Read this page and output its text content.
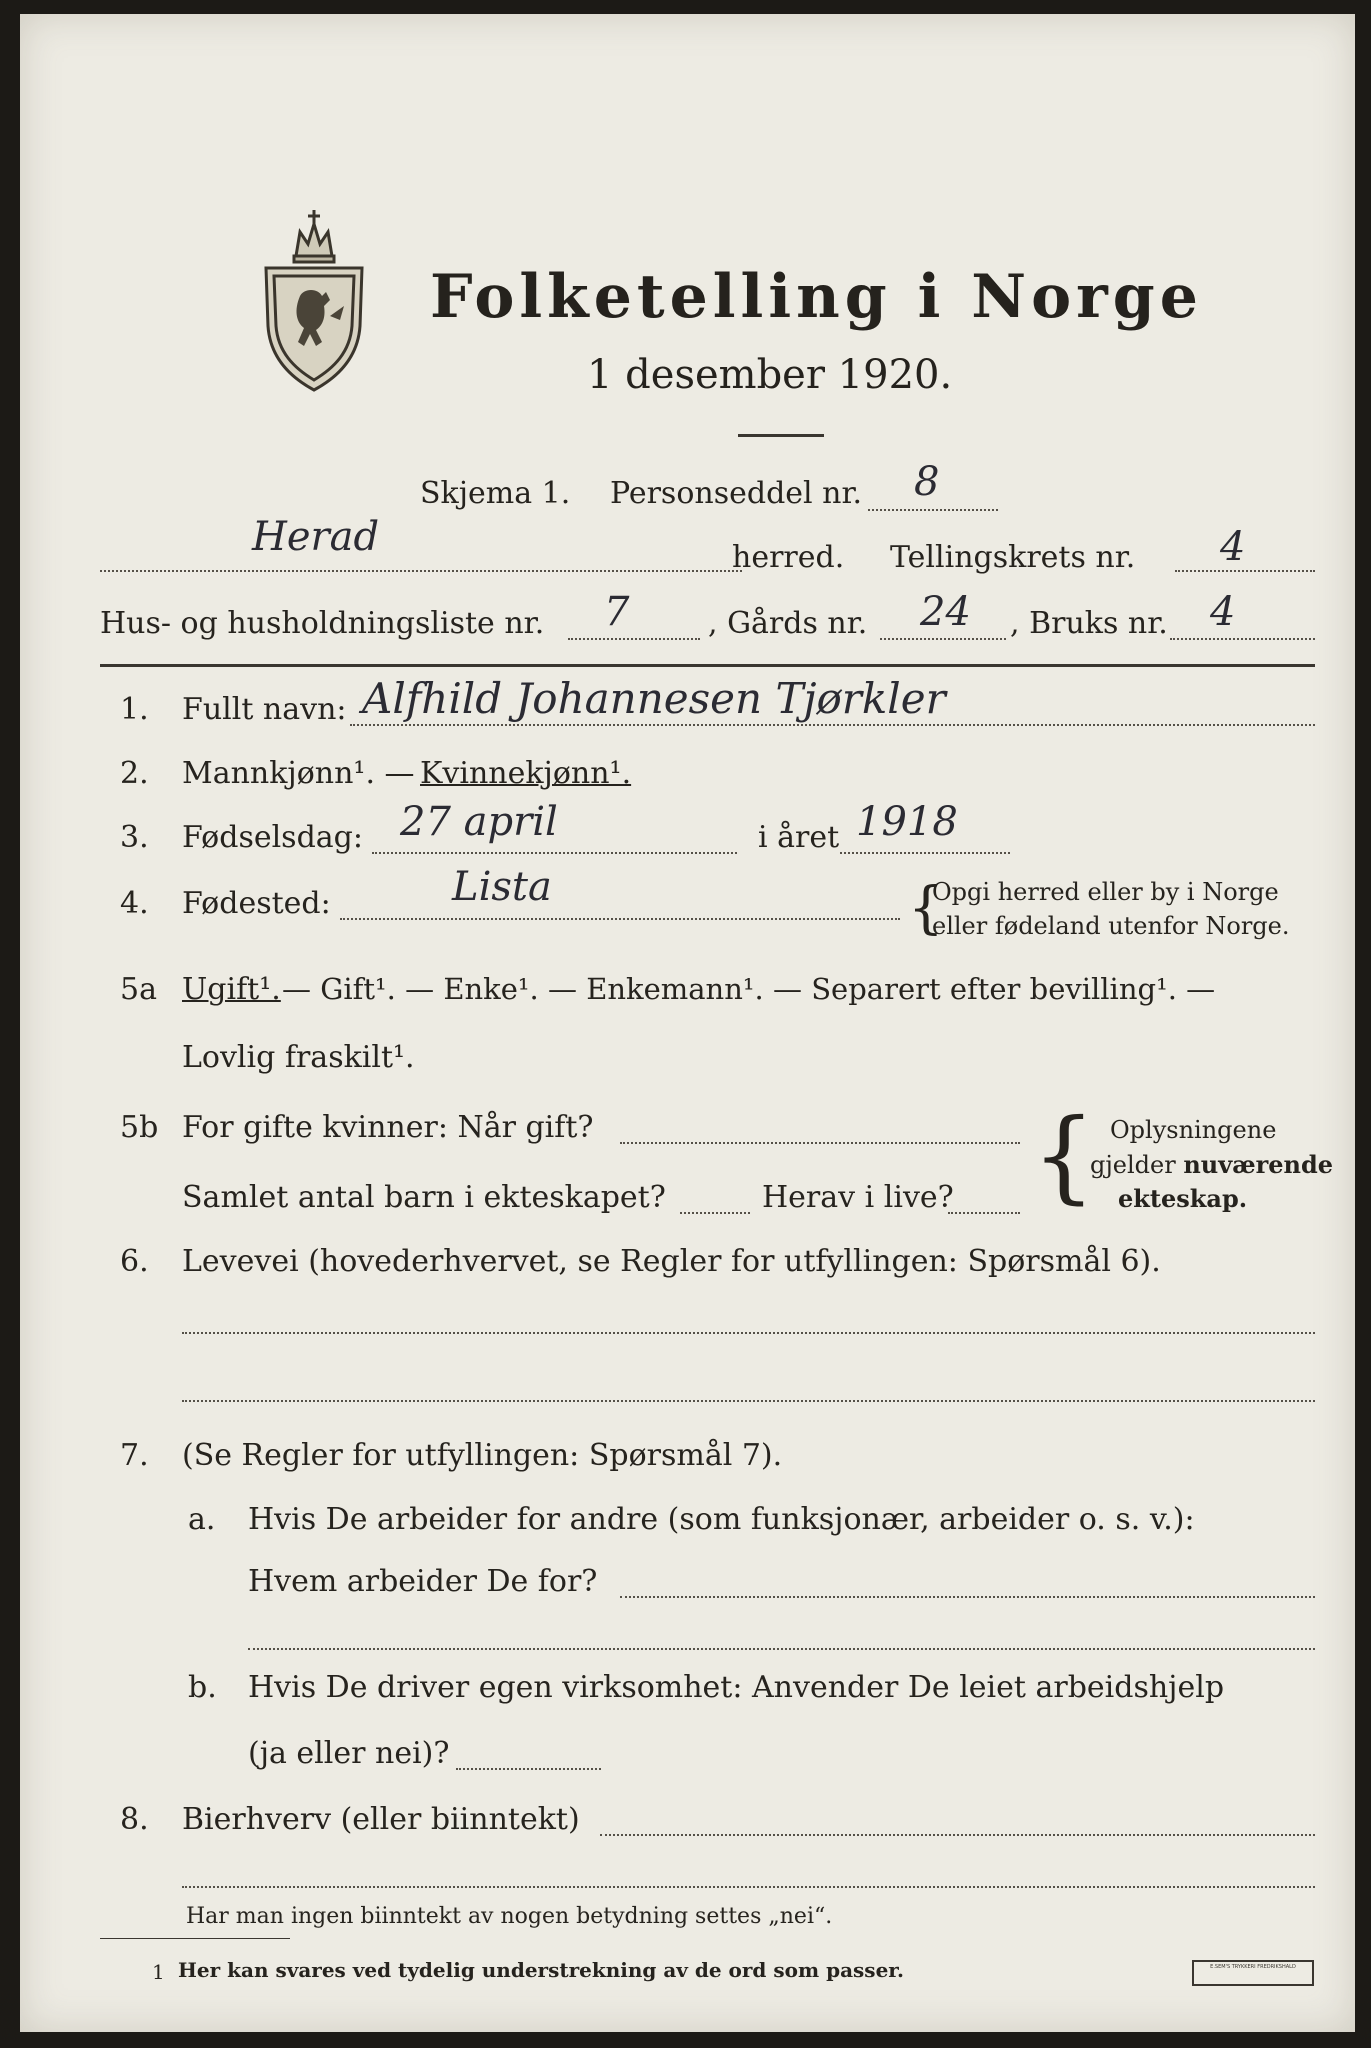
Folketelling i Norge
1 desember 1920.
Skjema 1. Personseddel nr. 8
Herad	herred. Tellingskrets nr. 4
Hus- og husholdningsliste nr. 7	, Gårds nr. 24 , Bruks nr. 4
1. Fullt navn: Alfhild Johannesen Tjørkler
2. Mannkjønn¹. — Kvinnekjønn¹.
3. Fødselsdag: 27 april	i året 1918
4. Fødested:	Lista	{
Opgi herred eller by i Norge
eller fødeland utenfor Norge.
5a Ugift¹. — Gift¹. — Enke¹. — Enkemann¹. — Separert efter bevilling¹. —
Lovlig fraskilt¹.
5b For gifte kvinner: Når gift?
Samlet antal barn i ekteskapet?	Herav i live? { Oplysningene
gjelder nuværende
ekteskap.
6. Levevei (hovederhvervet, se Regler for utfyllingen: Spørsmål 6).
7. (Se Regler for utfyllingen: Spørsmål 7).
a. Hvis De arbeider for andre (som funksjonær, arbeider o. s. v.):
Hvem arbeider De for?
b. Hvis De driver egen virksomhet: Anvender De leiet arbeidshjelp
(ja eller nei)?
8. Bierhverv (eller biinntekt)
Har man ingen biinntekt av nogen betydning settes „nei“.
1 Her kan svares ved tydelig understrekning av de ord som passer.	E.SEM'S TRYKKERI FREDRIKSHALD
